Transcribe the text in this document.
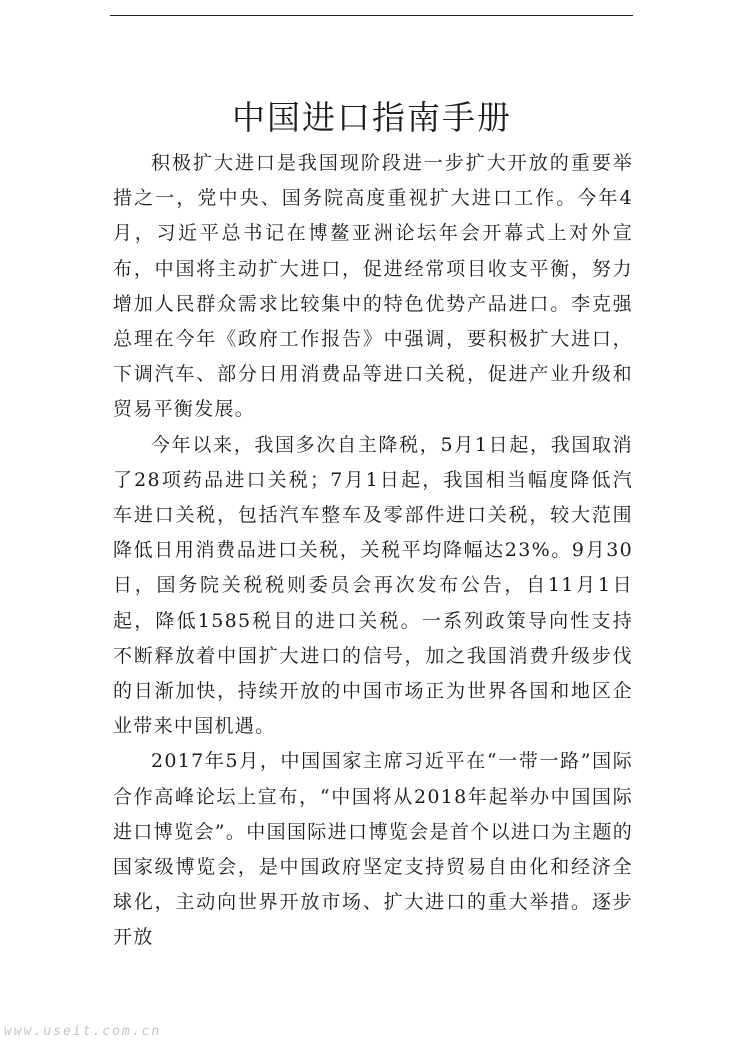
中国进口指南手册

积极扩大进口是我国现阶段进一步扩大开放的重要举措之一，党中央、国务院高度重视扩大进口工作。今年4月，习近平总书记在博鳌亚洲论坛年会开幕式上对外宣布，中国将主动扩大进口，促进经常项目收支平衡，努力增加人民群众需求比较集中的特色优势产品进口。李克强总理在今年《政府工作报告》中强调，要积极扩大进口，下调汽车、部分日用消费品等进口关税，促进产业升级和贸易平衡发展。

今年以来，我国多次自主降税，5月1日起，我国取消了28项药品进口关税；7月1日起，我国相当幅度降低汽车进口关税，包括汽车整车及零部件进口关税，较大范围降低日用消费品进口关税，关税平均降幅达23%。9月30日，国务院关税税则委员会再次发布公告，自11月1日起，降低1585税目的进口关税。一系列政策导向性支持不断释放着中国扩大进口的信号，加之我国消费升级步伐的日渐加快，持续开放的中国市场正为世界各国和地区企业带来中国机遇。

2017年5月，中国国家主席习近平在“一带一路”国际合作高峰论坛上宣布，“中国将从2018年起举办中国国际进口博览会”。中国国际进口博览会是首个以进口为主题的国家级博览会，是中国政府坚定支持贸易自由化和经济全球化，主动向世界开放市场、扩大进口的重大举措。逐步开放

www.useit.com.cn
